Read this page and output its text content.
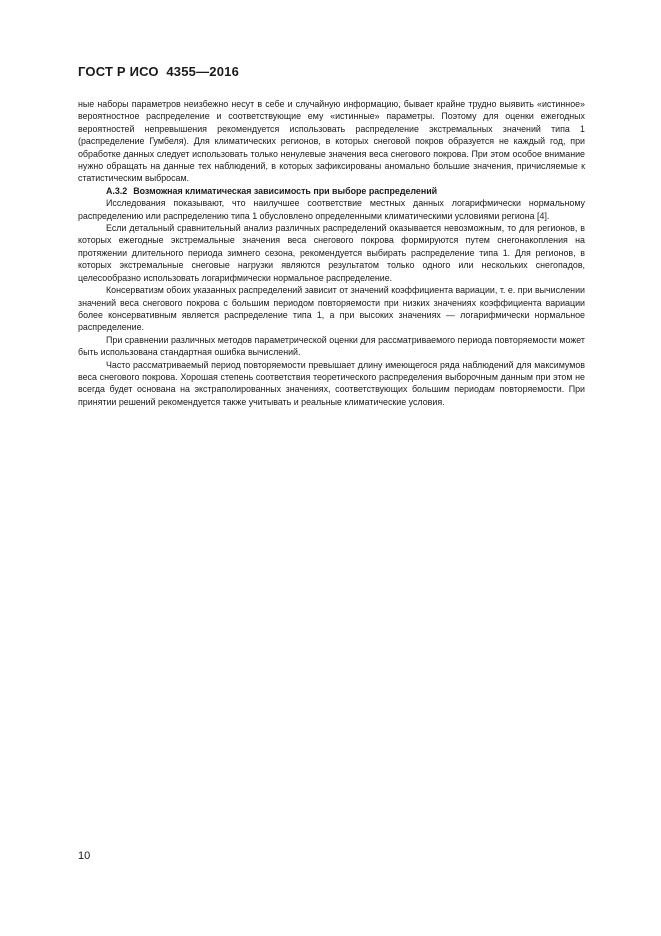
ГОСТ Р ИСО  4355—2016

ные наборы параметров неизбежно несут в себе и случайную информацию, бывает крайне трудно выявить «истинное» вероятностное распределение и соответствующие ему «истинные» параметры. Поэтому для оценки ежегодных вероятностей непревышения рекомендуется использовать распределение экстремальных значений типа 1 (распределение Гумбеля). Для климатических регионов, в которых снеговой покров образуется не каждый год, при обработке данных следует использовать только ненулевые значения веса снегового покрова. При этом особое внимание нужно обращать на данные тех наблюдений, в которых зафиксированы аномально большие значения, причисляемые к статистическим выбросам.

А.3.2 Возможная климатическая зависимость при выборе распределений

Исследования показывают, что наилучшее соответствие местных данных логарифмически нормальному распределению или распределению типа 1 обусловлено определенными климатическими условиями региона [4].

Если детальный сравнительный анализ различных распределений оказывается невозможным, то для регионов, в которых ежегодные экстремальные значения веса снегового покрова формируются путем снегонакопления на протяжении длительного периода зимнего сезона, рекомендуется выбирать распределение типа 1. Для регионов, в которых экстремальные снеговые нагрузки являются результатом только одного или нескольких снегопадов, целесообразно использовать логарифмически нормальное распределение.

Консерватизм обоих указанных распределений зависит от значений коэффициента вариации, т. е. при вычислении значений веса снегового покрова с большим периодом повторяемости при низких значениях коэффициента вариации более консервативным является распределение типа 1, а при высоких значениях — логарифмически нормальное распределение.

При сравнении различных методов параметрической оценки для рассматриваемого периода повторяемости может быть использована стандартная ошибка вычислений.

Часто рассматриваемый период повторяемости превышает длину имеющегося ряда наблюдений для максимумов веса снегового покрова. Хорошая степень соответствия теоретического распределения выборочным данным при этом не всегда будет основана на экстраполированных значениях, соответствующих большим периодам повторяемости. При принятии решений рекомендуется также учитывать и реальные климатические условия.

10
